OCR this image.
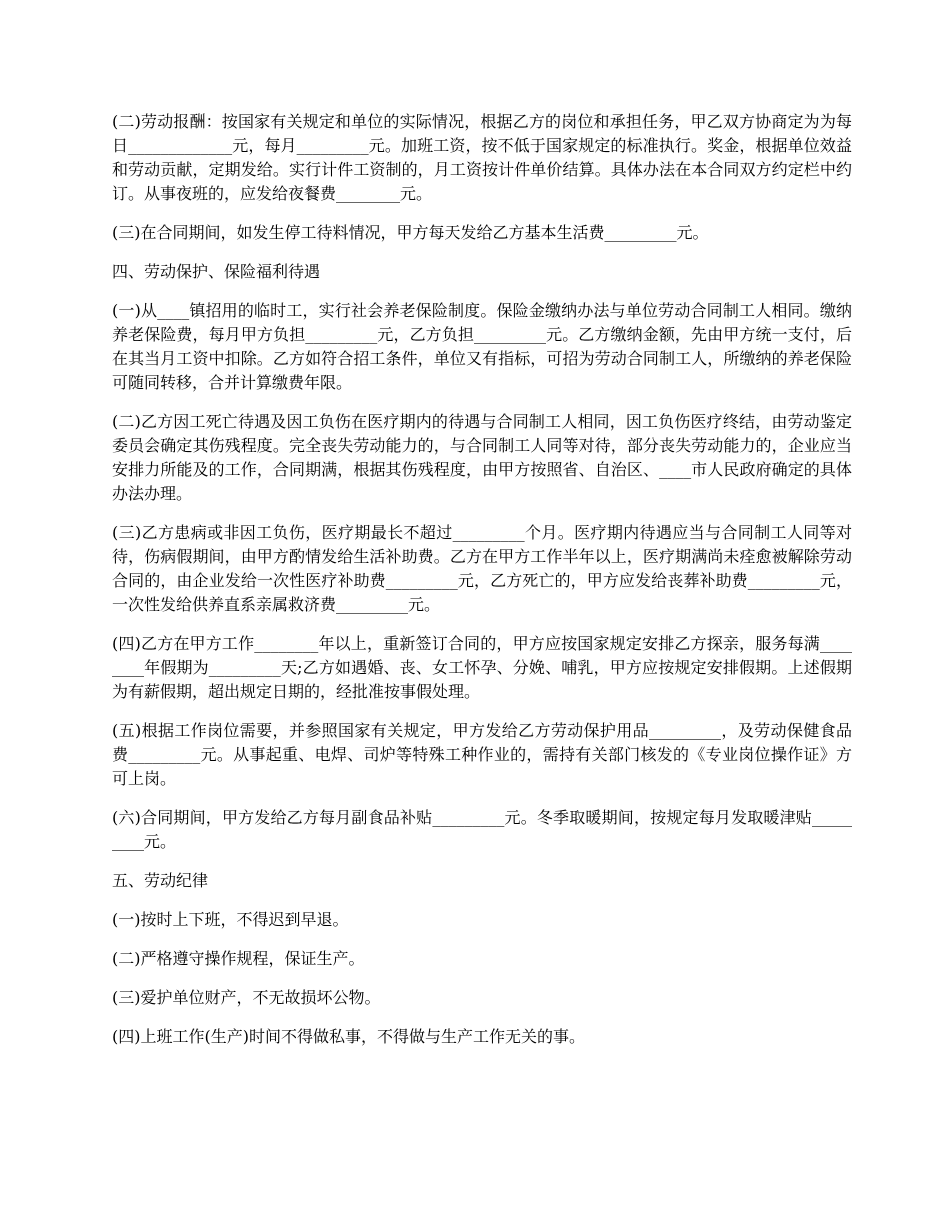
(二)劳动报酬：按国家有关规定和单位的实际情况，根据乙方的岗位和承担任务，甲乙双方协商定为为每日_____________元，每月_________元。加班工资，按不低于国家规定的标准执行。奖金，根据单位效益和劳动贡献，定期发给。实行计件工资制的，月工资按计件单价结算。具体办法在本合同双方约定栏中约订。从事夜班的，应发给夜餐费________元。

(三)在合同期间，如发生停工待料情况，甲方每天发给乙方基本生活费_________元。

四、劳动保护、保险福利待遇

(一)从____镇招用的临时工，实行社会养老保险制度。保险金缴纳办法与单位劳动合同制工人相同。缴纳养老保险费，每月甲方负担_________元，乙方负担_________元。乙方缴纳金额，先由甲方统一支付，后在其当月工资中扣除。乙方如符合招工条件，单位又有指标，可招为劳动合同制工人，所缴纳的养老保险可随同转移，合并计算缴费年限。

(二)乙方因工死亡待遇及因工负伤在医疗期内的待遇与合同制工人相同，因工负伤医疗终结，由劳动鉴定委员会确定其伤残程度。完全丧失劳动能力的，与合同制工人同等对待，部分丧失劳动能力的，企业应当安排力所能及的工作，合同期满，根据其伤残程度，由甲方按照省、自治区、____市人民政府确定的具体办法办理。

(三)乙方患病或非因工负伤，医疗期最长不超过_________个月。医疗期内待遇应当与合同制工人同等对待，伤病假期间，由甲方酌情发给生活补助费。乙方在甲方工作半年以上，医疗期满尚未痊愈被解除劳动合同的，由企业发给一次性医疗补助费_________元，乙方死亡的，甲方应发给丧葬补助费_________元，一次性发给供养直系亲属救济费_________元。

(四)乙方在甲方工作________年以上，重新签订合同的，甲方应按国家规定安排乙方探亲，服务每满________年假期为_________天;乙方如遇婚、丧、女工怀孕、分娩、哺乳，甲方应按规定安排假期。上述假期为有薪假期，超出规定日期的，经批准按事假处理。

(五)根据工作岗位需要，并参照国家有关规定，甲方发给乙方劳动保护用品_________，及劳动保健食品费_________元。从事起重、电焊、司炉等特殊工种作业的，需持有关部门核发的《专业岗位操作证》方可上岗。

(六)合同期间，甲方发给乙方每月副食品补贴_________元。冬季取暖期间，按规定每月发取暖津贴_________元。

五、劳动纪律

(一)按时上下班，不得迟到早退。

(二)严格遵守操作规程，保证生产。

(三)爱护单位财产，不无故损坏公物。

(四)上班工作(生产)时间不得做私事，不得做与生产工作无关的事。
